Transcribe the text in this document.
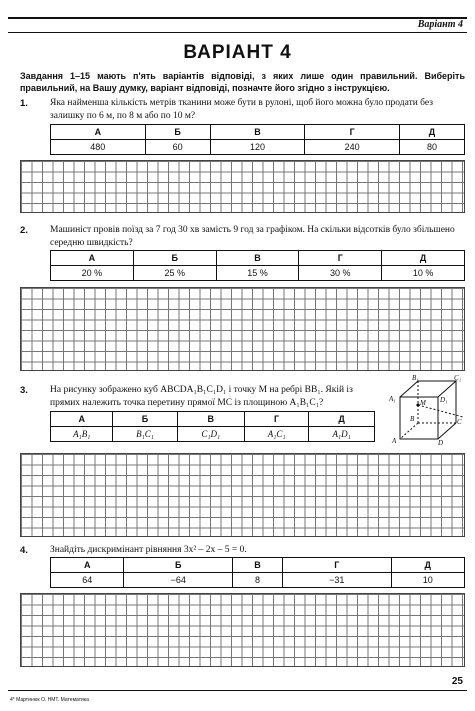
Варіант 4
ВАРІАНТ 4
Завдання 1–15 мають п'ять варіантів відповіді, з яких лише один правильний. Виберіть правильний, на Вашу думку, варіант відповіді, позначте його згідно з інструкцією.
1. Яка найменша кількість метрів тканини може бути в рулоні, щоб його можна було продати без залишку по 6 м, по 8 м або по 10 м?
А	Б	В	Г	Д
480	60	120	240	80
2. Машиніст провів поїзд за 7 год 30 хв замість 9 год за графіком. На скільки відсотків було збільшено середню швидкість?
А	Б	В	Г	Д
20 %	25 %	15 %	30 %	10 %
3. На рисунку зображено куб ABCDA₁B₁C₁D₁ і точку M на ребрі BB₁. Якій із прямих належить точка перетину прямої MC із площиною A₁B₁C₁?
А	Б	В	Г	Д
A₁B₁	B₁C₁	C₁D₁	A₁C₁	A₁D₁
B₁	C₁
A₁	D₁
M
B	C
A	D
4. Знайдіть дискримінант рівняння 3x² – 2x – 5 = 0.
А	Б	В	Г	Д
64	−64	8	−31	10
25
4* Мартинюк О. НМТ. Математика
